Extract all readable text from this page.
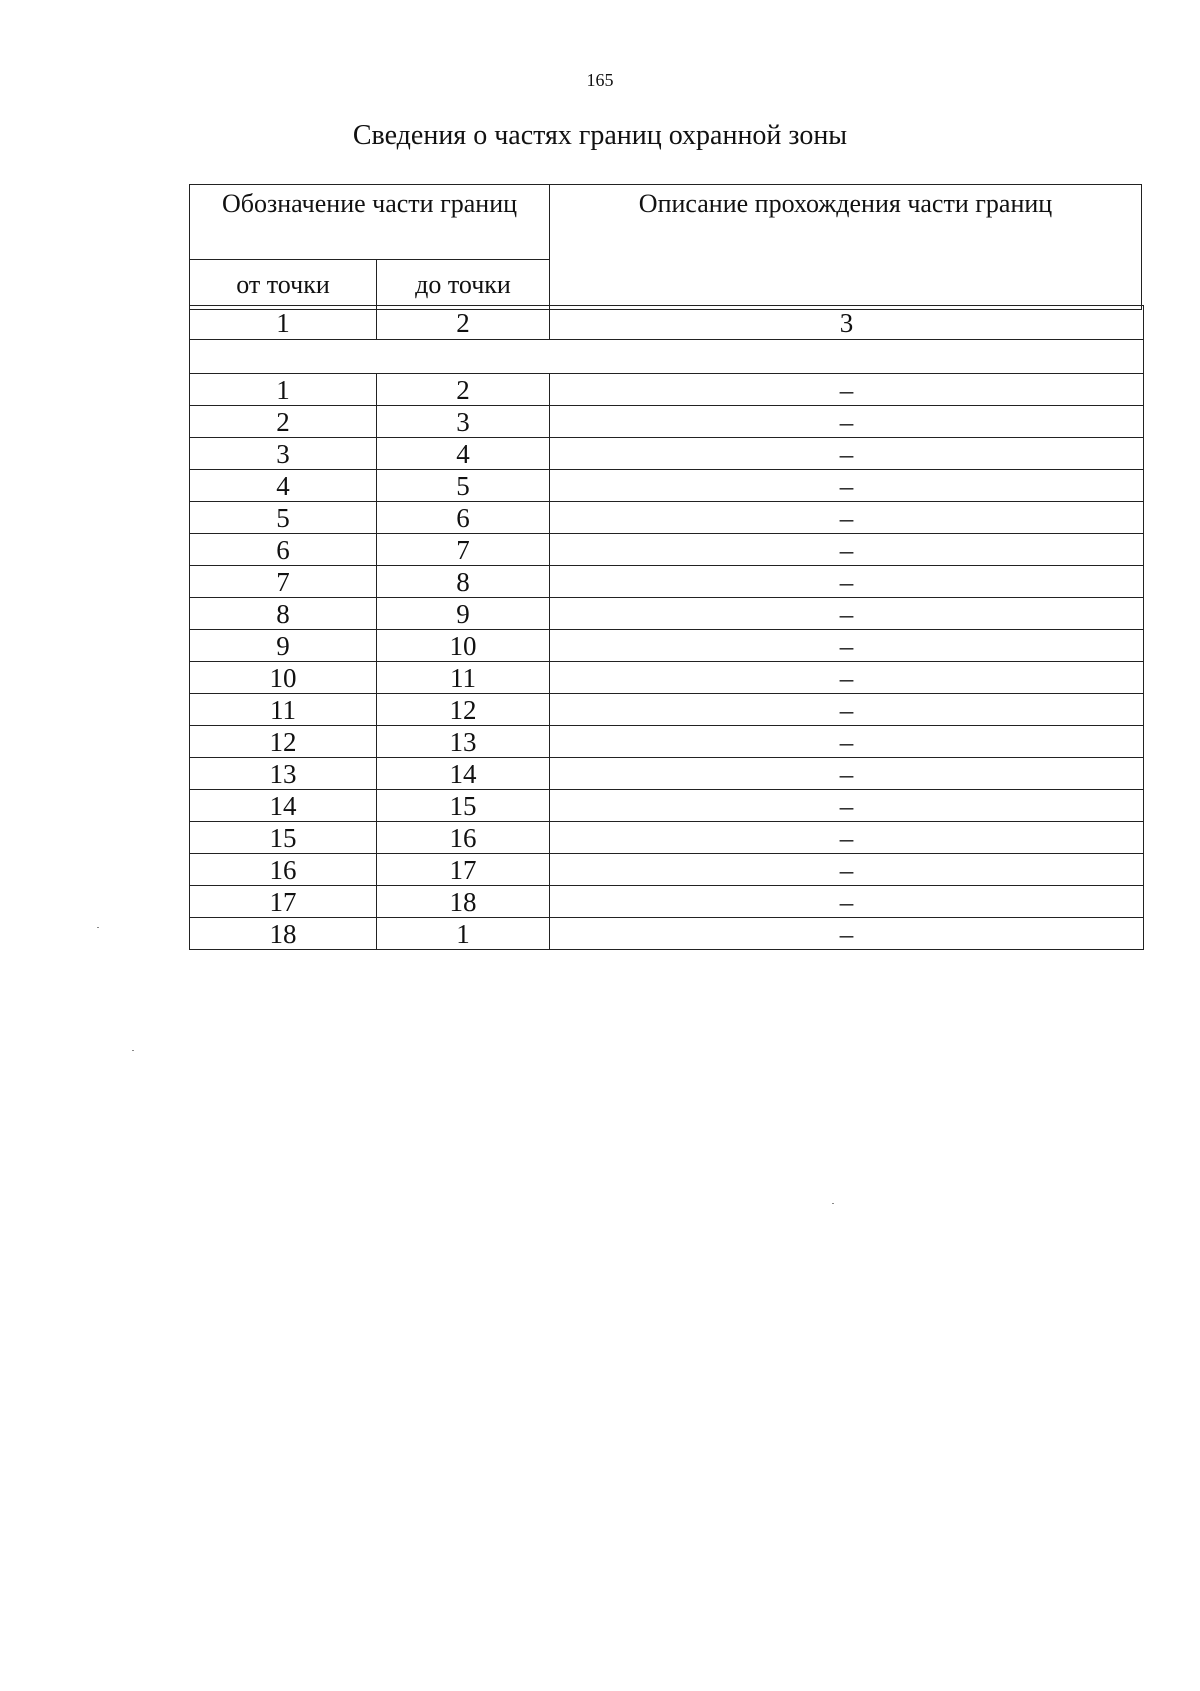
165
Сведения о частях границ охранной зоны
Обозначение части границ		Описание прохождения части границ
от точки	до точки	
1	2	3

1	2	–
2	3	–
3	4	–
4	5	–
5	6	–
6	7	–
7	8	–
8	9	–
9	10	–
10	11	–
11	12	–
12	13	–
13	14	–
14	15	–
15	16	–
16	17	–
17	18	–
18	1	–
